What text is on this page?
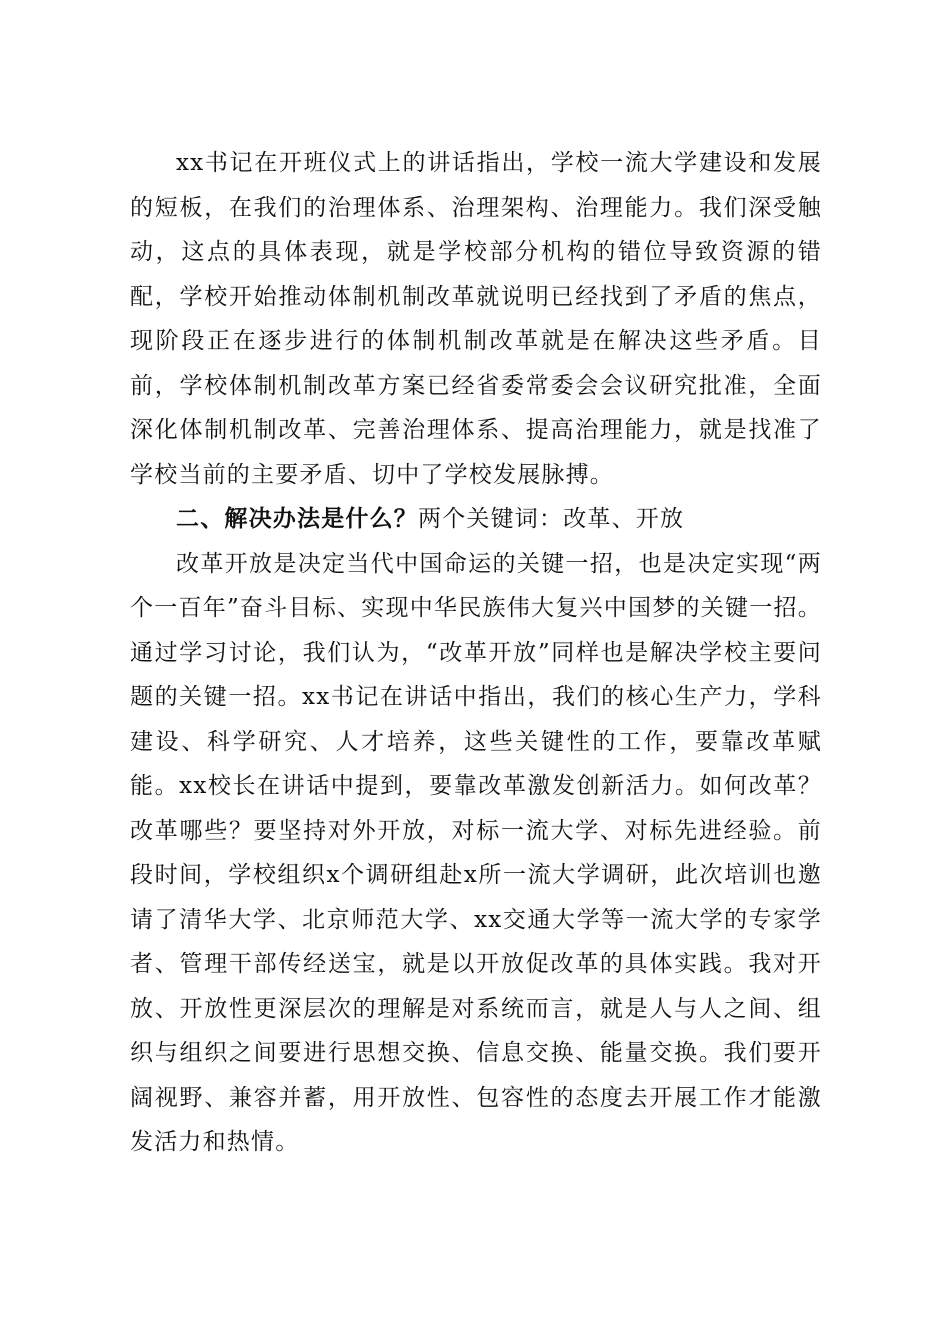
xx书记在开班仪式上的讲话指出，学校一流大学建设和发展的短板，在我们的治理体系、治理架构、治理能力。我们深受触动，这点的具体表现，就是学校部分机构的错位导致资源的错配，学校开始推动体制机制改革就说明已经找到了矛盾的焦点，现阶段正在逐步进行的体制机制改革就是在解决这些矛盾。目前，学校体制机制改革方案已经省委常委会会议研究批准，全面深化体制机制改革、完善治理体系、提高治理能力，就是找准了学校当前的主要矛盾、切中了学校发展脉搏。

二、解决办法是什么？两个关键词：改革、开放

改革开放是决定当代中国命运的关键一招，也是决定实现“两个一百年”奋斗目标、实现中华民族伟大复兴中国梦的关键一招。通过学习讨论，我们认为，“改革开放”同样也是解决学校主要问题的关键一招。xx书记在讲话中指出，我们的核心生产力，学科建设、科学研究、人才培养，这些关键性的工作，要靠改革赋能。xx校长在讲话中提到，要靠改革激发创新活力。如何改革？改革哪些？要坚持对外开放，对标一流大学、对标先进经验。前段时间，学校组织x个调研组赴x所一流大学调研，此次培训也邀请了清华大学、北京师范大学、xx交通大学等一流大学的专家学者、管理干部传经送宝，就是以开放促改革的具体实践。我对开放、开放性更深层次的理解是对系统而言，就是人与人之间、组织与组织之间要进行思想交换、信息交换、能量交换。我们要开阔视野、兼容并蓄，用开放性、包容性的态度去开展工作才能激发活力和热情。
